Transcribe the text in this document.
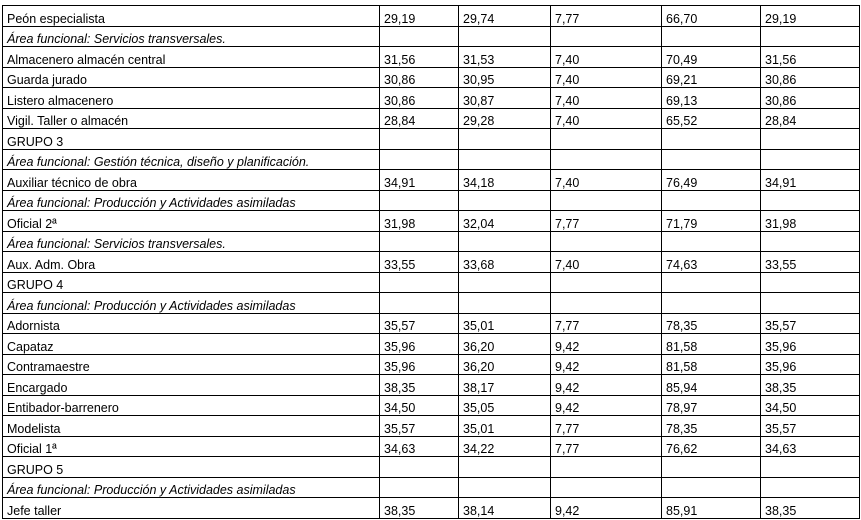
Peón especialista	29,19	29,74	7,77	66,70	29,19
Área funcional: Servicios transversales.					
Almacenero almacén central	31,56	31,53	7,40	70,49	31,56
Guarda jurado	30,86	30,95	7,40	69,21	30,86
Listero almacenero	30,86	30,87	7,40	69,13	30,86
Vigil. Taller o almacén	28,84	29,28	7,40	65,52	28,84
GRUPO 3					
Área funcional: Gestión técnica, diseño y planificación.					
Auxiliar técnico de obra	34,91	34,18	7,40	76,49	34,91
Área funcional: Producción y Actividades asimiladas					
Oficial 2ª	31,98	32,04	7,77	71,79	31,98
Área funcional: Servicios transversales.					
Aux. Adm. Obra	33,55	33,68	7,40	74,63	33,55
GRUPO 4					
Área funcional: Producción y Actividades asimiladas					
Adornista	35,57	35,01	7,77	78,35	35,57
Capataz	35,96	36,20	9,42	81,58	35,96
Contramaestre	35,96	36,20	9,42	81,58	35,96
Encargado	38,35	38,17	9,42	85,94	38,35
Entibador-barrenero	34,50	35,05	9,42	78,97	34,50
Modelista	35,57	35,01	7,77	78,35	35,57
Oficial 1ª	34,63	34,22	7,77	76,62	34,63
GRUPO 5					
Área funcional: Producción y Actividades asimiladas					
Jefe taller	38,35	38,14	9,42	85,91	38,35
